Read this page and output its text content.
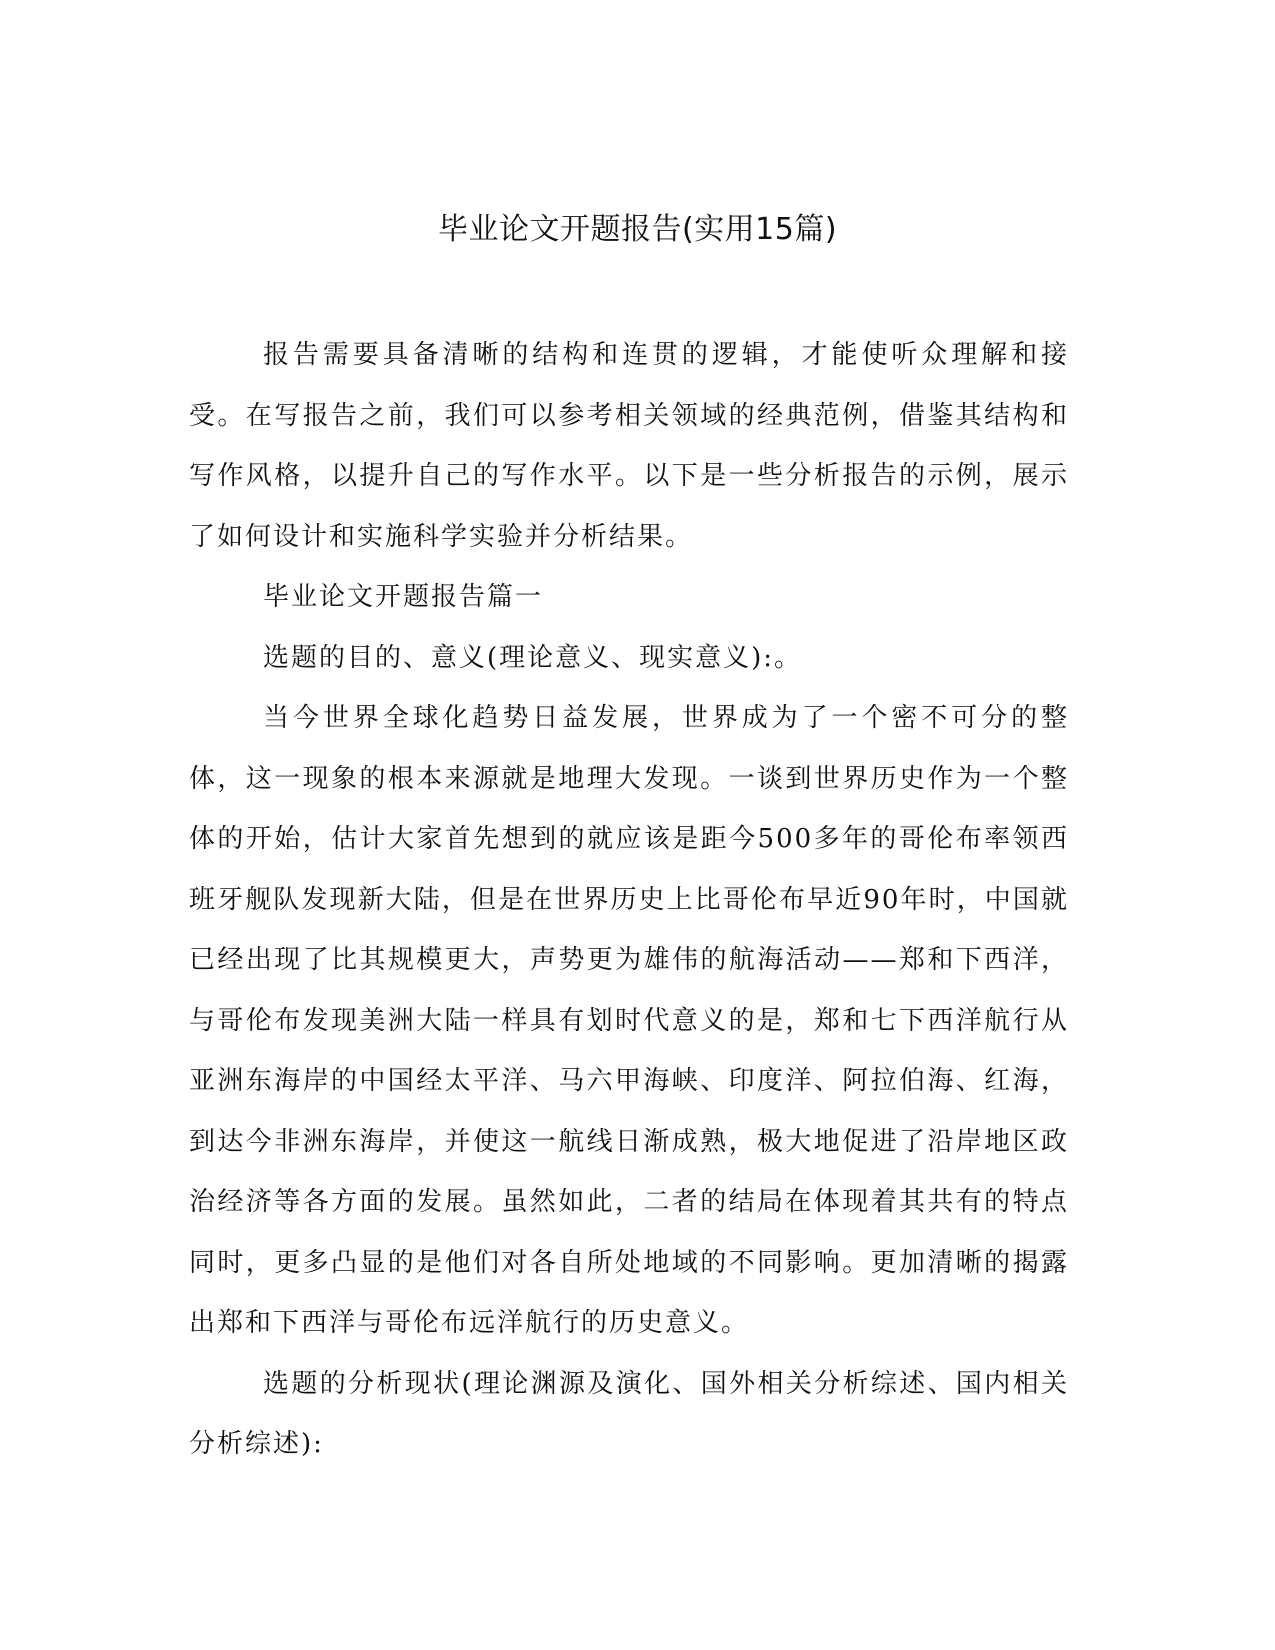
毕业论文开题报告(实用15篇)

报告需要具备清晰的结构和连贯的逻辑，才能使听众理解和接受。在写报告之前，我们可以参考相关领域的经典范例，借鉴其结构和写作风格，以提升自己的写作水平。以下是一些分析报告的示例，展示了如何设计和实施科学实验并分析结果。

毕业论文开题报告篇一

选题的目的、意义(理论意义、现实意义):。

当今世界全球化趋势日益发展，世界成为了一个密不可分的整体，这一现象的根本来源就是地理大发现。一谈到世界历史作为一个整体的开始，估计大家首先想到的就应该是距今500多年的哥伦布率领西班牙舰队发现新大陆，但是在世界历史上比哥伦布早近90年时，中国就已经出现了比其规模更大，声势更为雄伟的航海活动——郑和下西洋，与哥伦布发现美洲大陆一样具有划时代意义的是，郑和七下西洋航行从亚洲东海岸的中国经太平洋、马六甲海峡、印度洋、阿拉伯海、红海，到达今非洲东海岸，并使这一航线日渐成熟，极大地促进了沿岸地区政治经济等各方面的发展。虽然如此，二者的结局在体现着其共有的特点同时，更多凸显的是他们对各自所处地域的不同影响。更加清晰的揭露出郑和下西洋与哥伦布远洋航行的历史意义。

选题的分析现状(理论渊源及演化、国外相关分析综述、国内相关分析综述):
